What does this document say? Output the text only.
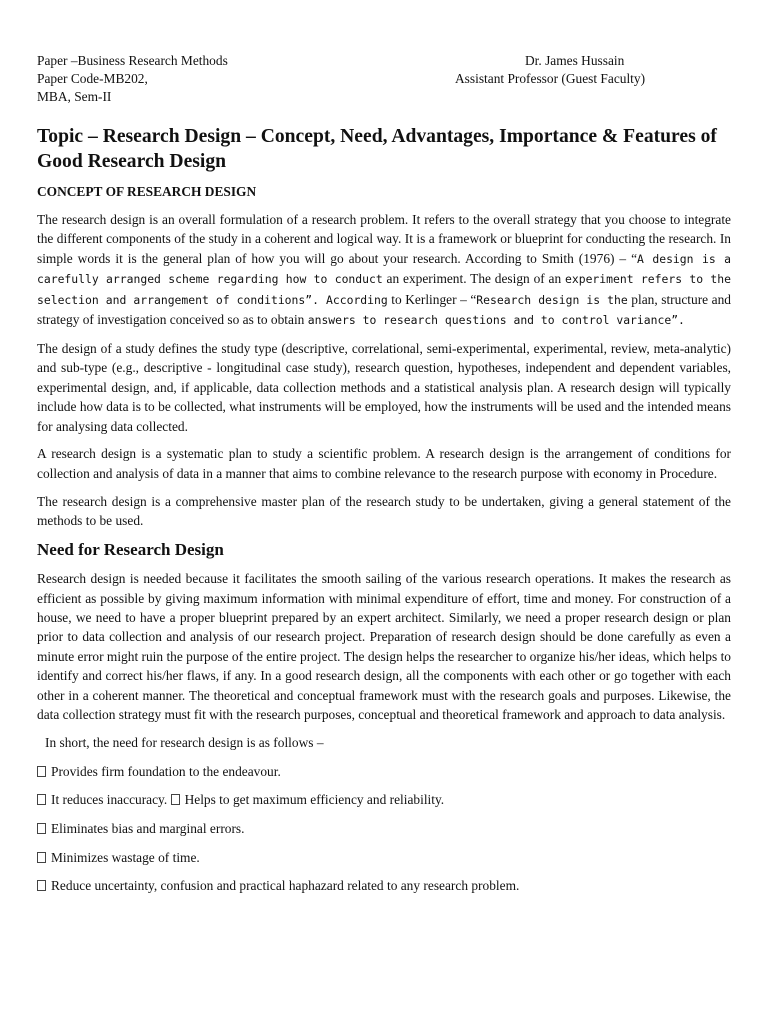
Paper –Business Research Methods
Paper Code-MB202,
MBA, Sem-II
Dr. James Hussain
Assistant Professor (Guest Faculty)
Topic – Research Design – Concept, Need, Advantages, Importance & Features of Good Research Design
CONCEPT OF RESEARCH DESIGN

The research design is an overall formulation of a research problem. It refers to the overall strategy that you choose to integrate the different components of the study in a coherent and logical way. It is a framework or blueprint for conducting the research. In simple words it is the general plan of how you will go about your research. According to Smith (1976) – “A design is a carefully arranged scheme regarding how to conduct an experiment. The design of an experiment refers to the selection and arrangement of conditions”. According to Kerlinger – “Research design is the plan, structure and strategy of investigation conceived so as to obtain answers to research questions and to control variance”.

The design of a study defines the study type (descriptive, correlational, semi-experimental, experimental, review, meta-analytic) and sub-type (e.g., descriptive - longitudinal case study), research question, hypotheses, independent and dependent variables, experimental design, and, if applicable, data collection methods and a statistical analysis plan. A research design will typically include how data is to be collected, what instruments will be employed, how the instruments will be used and the intended means for analysing data collected.

A research design is a systematic plan to study a scientific problem. A research design is the arrangement of conditions for collection and analysis of data in a manner that aims to combine relevance to the research purpose with economy in Procedure.

The research design is a comprehensive master plan of the research study to be undertaken, giving a general statement of the methods to be used.

Need for Research Design

Research design is needed because it facilitates the smooth sailing of the various research operations. It makes the research as efficient as possible by giving maximum information with minimal expenditure of effort, time and money. For construction of a house, we need to have a proper blueprint prepared by an expert architect. Similarly, we need a proper research design or plan prior to data collection and analysis of our research project. Preparation of research design should be done carefully as even a minute error might ruin the purpose of the entire project. The design helps the researcher to organize his/her ideas, which helps to identify and correct his/her flaws, if any. In a good research design, all the components with each other or go together with each other in a coherent manner. The theoretical and conceptual framework must with the research goals and purposes. Likewise, the data collection strategy must fit with the research purposes, conceptual and theoretical framework and approach to data analysis.

In short, the need for research design is as follows –
Provides firm foundation to the endeavour.
It reduces inaccuracy. Helps to get maximum efficiency and reliability.
Eliminates bias and marginal errors.
Minimizes wastage of time.
Reduce uncertainty, confusion and practical haphazard related to any research problem.
